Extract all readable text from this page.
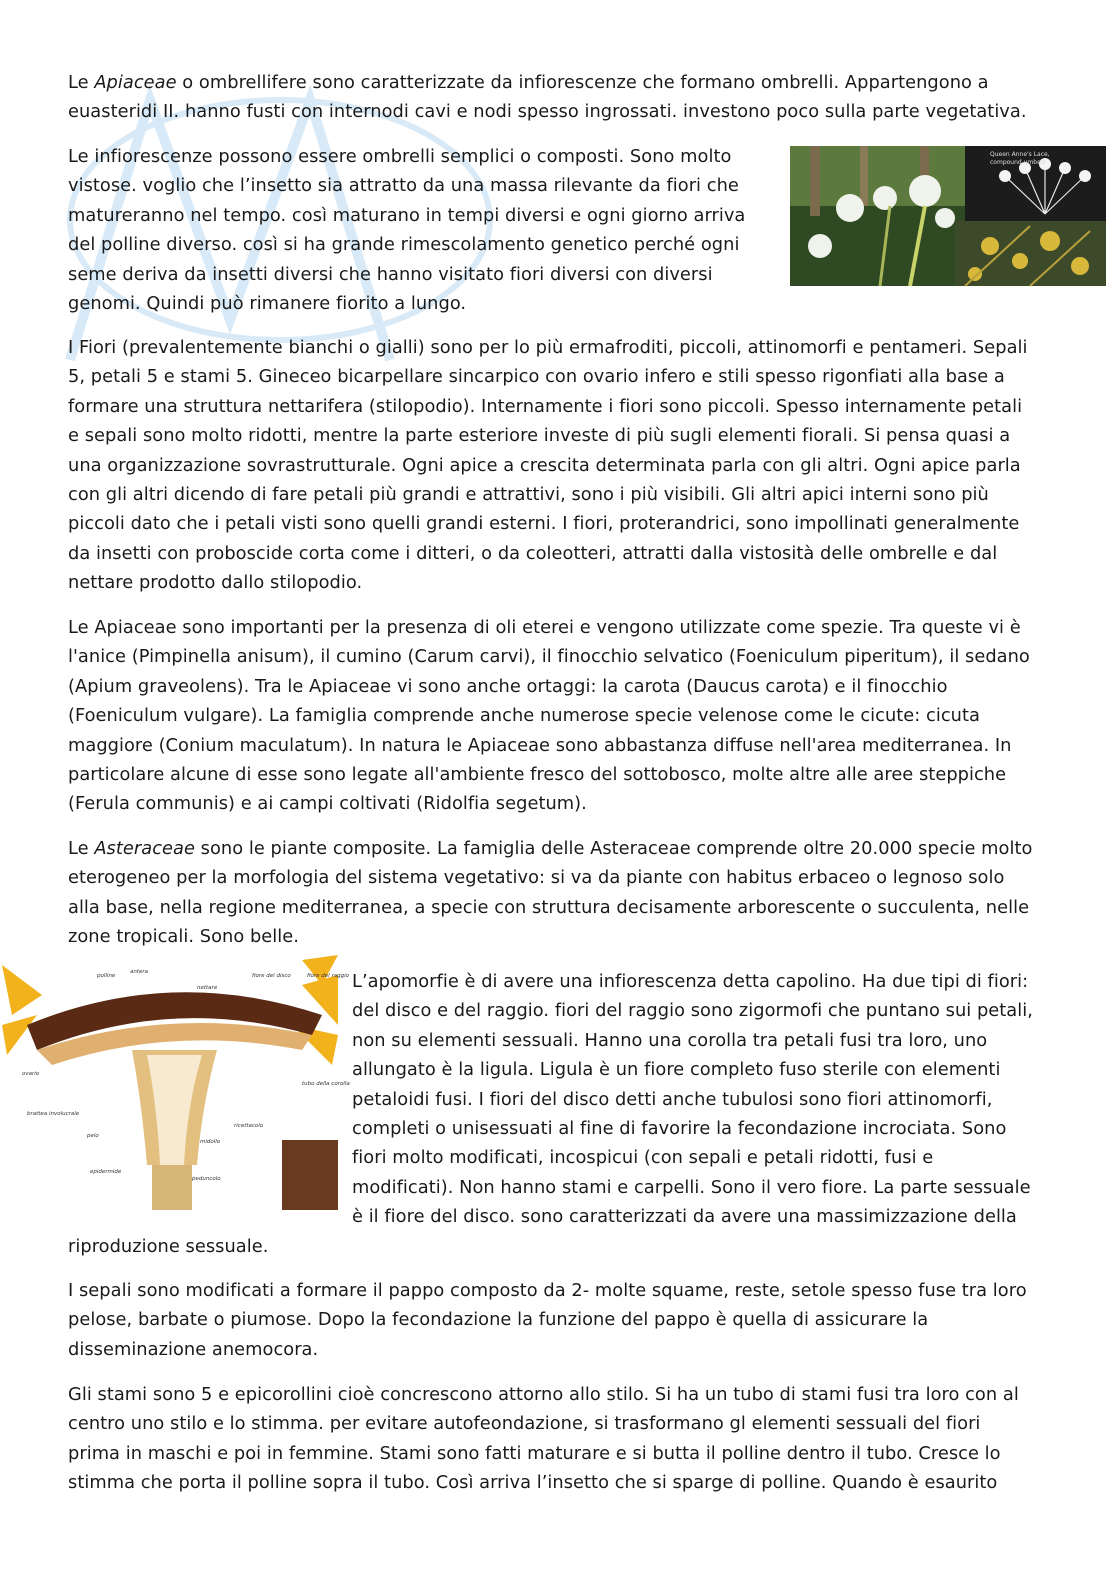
Le Apiaceae o ombrellifere sono caratterizzate da infiorescenze che formano ombrelli. Appartengono a
euasteridi II. hanno fusti con internodi cavi e nodi spesso ingrossati. investono poco sulla parte vegetativa.

Le infiorescenze possono essere ombrelli semplici o composti. Sono molto
vistose. voglio che l’insetto sia attratto da una massa rilevante da fiori che
matureranno nel tempo. così maturano in tempi diversi e ogni giorno arriva
del polline diverso. così si ha grande rimescolamento genetico perché ogni
seme deriva da insetti diversi che hanno visitato fiori diversi con diversi
genomi. Quindi può rimanere fiorito a lungo.

Queen Anne's Lace,
compound umbels

I Fiori (prevalentemente bianchi o gialli) sono per lo più ermafroditi, piccoli, attinomorfi e pentameri. Sepali
5, petali 5 e stami 5. Gineceo bicarpellare sincarpico con ovario infero e stili spesso rigonfiati alla base a
formare una struttura nettarifera (stilopodio). Internamente i fiori sono piccoli. Spesso internamente petali
e sepali sono molto ridotti, mentre la parte esteriore investe di più sugli elementi fiorali. Si pensa quasi a
una organizzazione sovrastrutturale. Ogni apice a crescita determinata parla con gli altri. Ogni apice parla
con gli altri dicendo di fare petali più grandi e attrattivi, sono i più visibili. Gli altri apici interni sono più
piccoli dato che i petali visti sono quelli grandi esterni. I fiori, proterandrici, sono impollinati generalmente
da insetti con proboscide corta come i ditteri, o da coleotteri, attratti dalla vistosità delle ombrelle e dal
nettare prodotto dallo stilopodio.

Le Apiaceae sono importanti per la presenza di oli eterei e vengono utilizzate come spezie. Tra queste vi è
l'anice (Pimpinella anisum), il cumino (Carum carvi), il finocchio selvatico (Foeniculum piperitum), il sedano
(Apium graveolens). Tra le Apiaceae vi sono anche ortaggi: la carota (Daucus carota) e il finocchio
(Foeniculum vulgare). La famiglia comprende anche numerose specie velenose come le cicute: cicuta
maggiore (Conium maculatum). In natura le Apiaceae sono abbastanza diffuse nell'area mediterranea. In
particolare alcune di esse sono legate all'ambiente fresco del sottobosco, molte altre alle aree steppiche
(Ferula communis) e ai campi coltivati (Ridolfia segetum).

Le Asteraceae sono le piante composite. La famiglia delle Asteraceae comprende oltre 20.000 specie molto
eterogeneo per la morfologia del sistema vegetativo: si va da piante con habitus erbaceo o legnoso solo
alla base, nella regione mediterranea, a specie con struttura decisamente arborescente o succulenta, nelle
zone tropicali. Sono belle.

polline
antera
nettare
fiore del disco	fiore del raggio
ovario
tubo della corolla
brattea involucrale
pelo
ricettacolo
midollo
epidermide
peduncolo

L’apomorfie è di avere una infiorescenza detta capolino. Ha due tipi di fiori:
del disco e del raggio. fiori del raggio sono zigormofi che puntano sui petali,
non su elementi sessuali. Hanno una corolla tra petali fusi tra loro, uno
allungato è la ligula. Ligula è un fiore completo fuso sterile con elementi
petaloidi fusi. I fiori del disco detti anche tubulosi sono fiori attinomorfi,
completi o unisessuati al fine di favorire la fecondazione incrociata. Sono
fiori molto modificati, incospicui (con sepali e petali ridotti, fusi e
modificati). Non hanno stami e carpelli. Sono il vero fiore. La parte sessuale
è il fiore del disco. sono caratterizzati da avere una massimizzazione della

riproduzione sessuale.

I sepali sono modificati a formare il pappo composto da 2- molte squame, reste, setole spesso fuse tra loro
pelose, barbate o piumose. Dopo la fecondazione la funzione del pappo è quella di assicurare la
disseminazione anemocora.

Gli stami sono 5 e epicorollini cioè concrescono attorno allo stilo. Si ha un tubo di stami fusi tra loro con al
centro uno stilo e lo stimma. per evitare autofeondazione, si trasformano gl elementi sessuali del fiori
prima in maschi e poi in femmine. Stami sono fatti maturare e si butta il polline dentro il tubo. Cresce lo
stimma che porta il polline sopra il tubo. Così arriva l’insetto che si sparge di polline. Quando è esaurito
